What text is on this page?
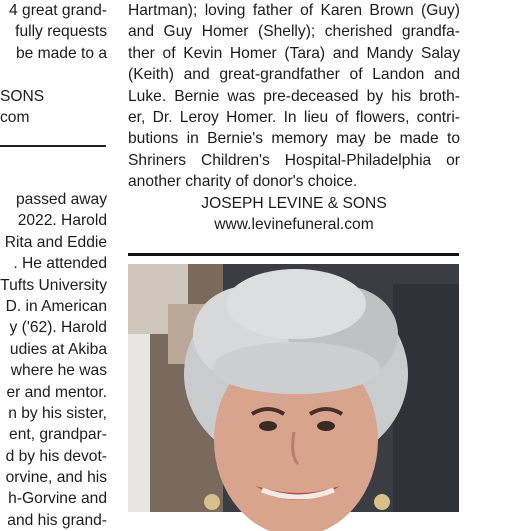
4 great grand-
fully requests
be made to a
SONS
com
passed away
2022. Harold
Rita and Eddie
. He attended
Tufts University
D. in American
y ('62). Harold
udies at Akiba
where he was
er and mentor.
n by his sister,
ent, grandpar-
d by his devot-
orvine, and his
h-Gorvine and
and his grand-
Hartman); loving father of Karen Brown (Guy)
and Guy Homer (Shelly); cherished grandfa-
ther of Kevin Homer (Tara) and Mandy Salay
(Keith) and great-grandfather of Landon and
Luke. Bernie was pre-deceased by his broth-
er, Dr. Leroy Homer. In lieu of flowers, contri-
butions in Bernie's memory may be made to
Shriners Children's Hospital-Philadelphia or
another charity of donor's choice.
JOSEPH LEVINE & SONS
www.levinefuneral.com
